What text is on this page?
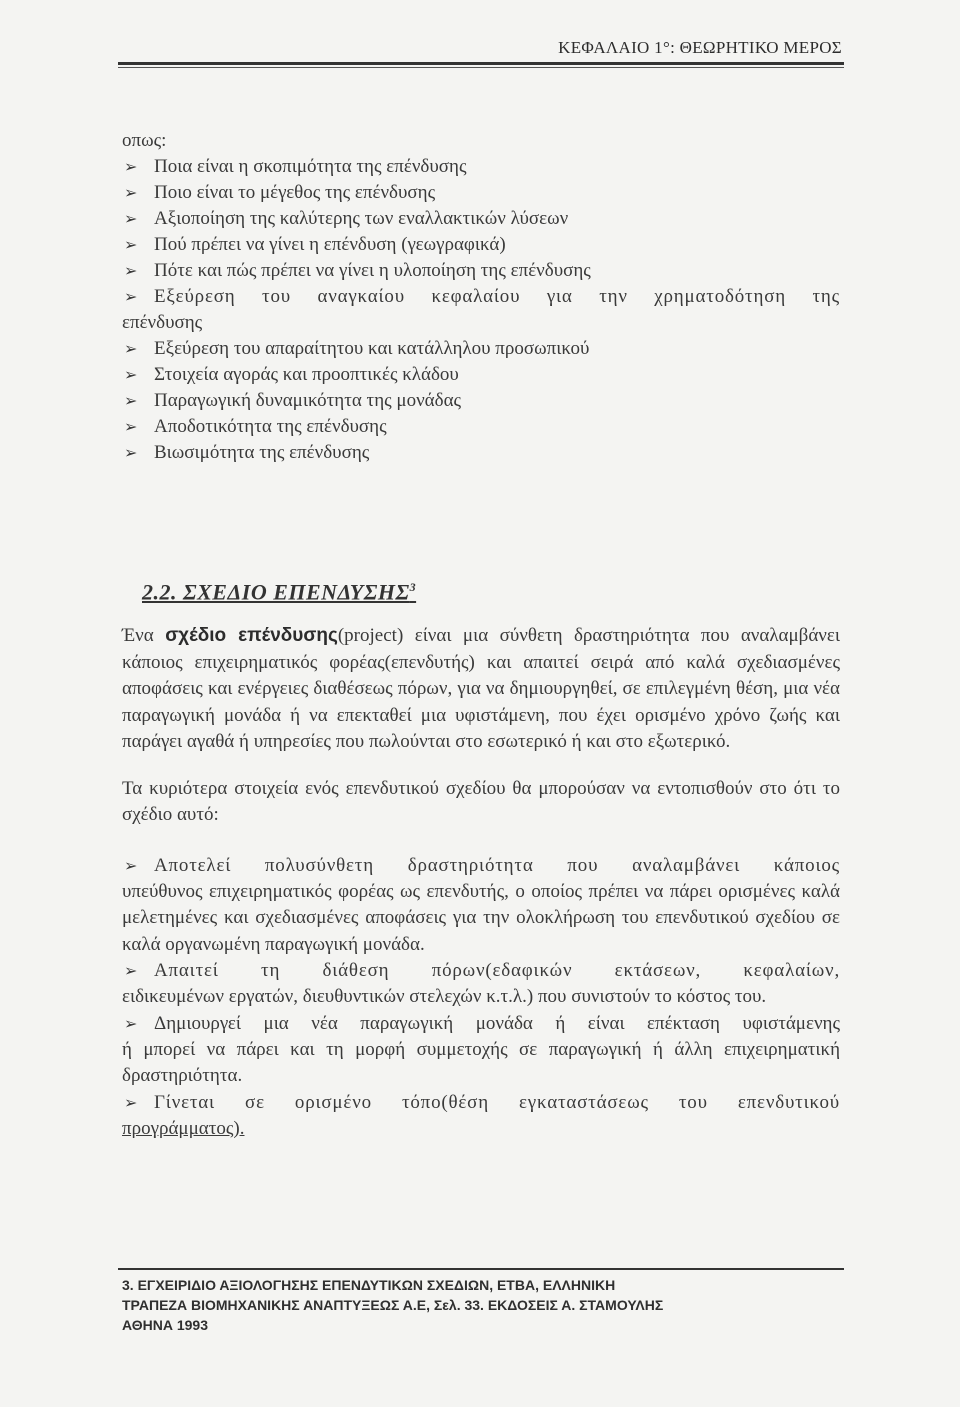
ΚΕΦΑΛΑΙΟ 1°: ΘΕΩΡΗΤΙΚΟ ΜΕΡΟΣ

οπως:

➢ Ποια είναι η σκοπιμότητα της επένδυσης
➢ Ποιο είναι το μέγεθος της επένδυσης
➢ Αξιοποίηση της καλύτερης των εναλλακτικών λύσεων
➢ Πού πρέπει να γίνει η επένδυση (γεωγραφικά)
➢ Πότε και πώς πρέπει να γίνει η υλοποίηση της επένδυσης
➢ Εξεύρεση του αναγκαίου κεφαλαίου για την χρηματοδότηση της
επένδυσης
➢ Εξεύρεση του απαραίτητου και κατάλληλου προσωπικού
➢ Στοιχεία αγοράς και προοπτικές κλάδου
➢ Παραγωγική δυναμικότητα της μονάδας
➢ Αποδοτικότητα της επένδυσης
➢ Βιωσιμότητα της επένδυσης
2.2. ΣΧΕΔΙΟ ΕΠΕΝΔΥΣΗΣ$^3$

Ένα σχέδιο επένδυσης(project) είναι μια σύνθετη δραστηριότητα που αναλαμβάνει κάποιος επιχειρηματικός φορέας(επενδυτής) και απαιτεί σειρά από καλά σχεδιασμένες αποφάσεις και ενέργειες διαθέσεως πόρων, για να δημιουργηθεί, σε επιλεγμένη θέση, μια νέα παραγωγική μονάδα ή να επεκταθεί μια υφιστάμενη, που έχει ορισμένο χρόνο ζωής και παράγει αγαθά ή υπηρεσίες που πωλούνται στο εσωτερικό ή και στο εξωτερικό.

Τα κυριότερα στοιχεία ενός επενδυτικού σχεδίου θα μπορούσαν να εντοπισθούν στο ότι το σχέδιο αυτό:

➢ Αποτελεί πολυσύνθετη δραστηριότητα που αναλαμβάνει κάποιος

υπεύθυνος επιχειρηματικός φορέας ως επενδυτής, ο οποίος πρέπει να πάρει ορισμένες καλά μελετημένες και σχεδιασμένες αποφάσεις για την ολοκλήρωση του επενδυτικού σχεδίου σε καλά οργανωμένη παραγωγική μονάδα.

➢ Απαιτεί τη διάθεση πόρων(εδαφικών εκτάσεων, κεφαλαίων,

ειδικευμένων εργατών, διευθυντικών στελεχών κ.τ.λ.) που συνιστούν το κόστος του.

➢ Δημιουργεί μια νέα παραγωγική μονάδα ή είναι επέκταση υφιστάμενης

ή μπορεί να πάρει και τη μορφή συμμετοχής σε παραγωγική ή άλλη επιχειρηματική δραστηριότητα.

➢ Γίνεται σε ορισμένο τόπο(θέση εγκαταστάσεως του επενδυτικού

προγράμματος).

3. ΕΓΧΕΙΡΙΔΙΟ ΑΞΙΟΛΟΓΗΣΗΣ ΕΠΕΝΔΥΤΙΚΩΝ ΣΧΕΔΙΩΝ, ΕΤΒΑ, ΕΛΛΗΝΙΚΗ
ΤΡΑΠΕΖΑ ΒΙΟΜΗΧΑΝΙΚΗΣ ΑΝΑΠΤΥΞΕΩΣ Α.Ε, Σελ. 33. ΕΚΔΟΣΕΙΣ Α. ΣΤΑΜΟΥΛΗΣ
ΑΘΗΝΑ 1993
